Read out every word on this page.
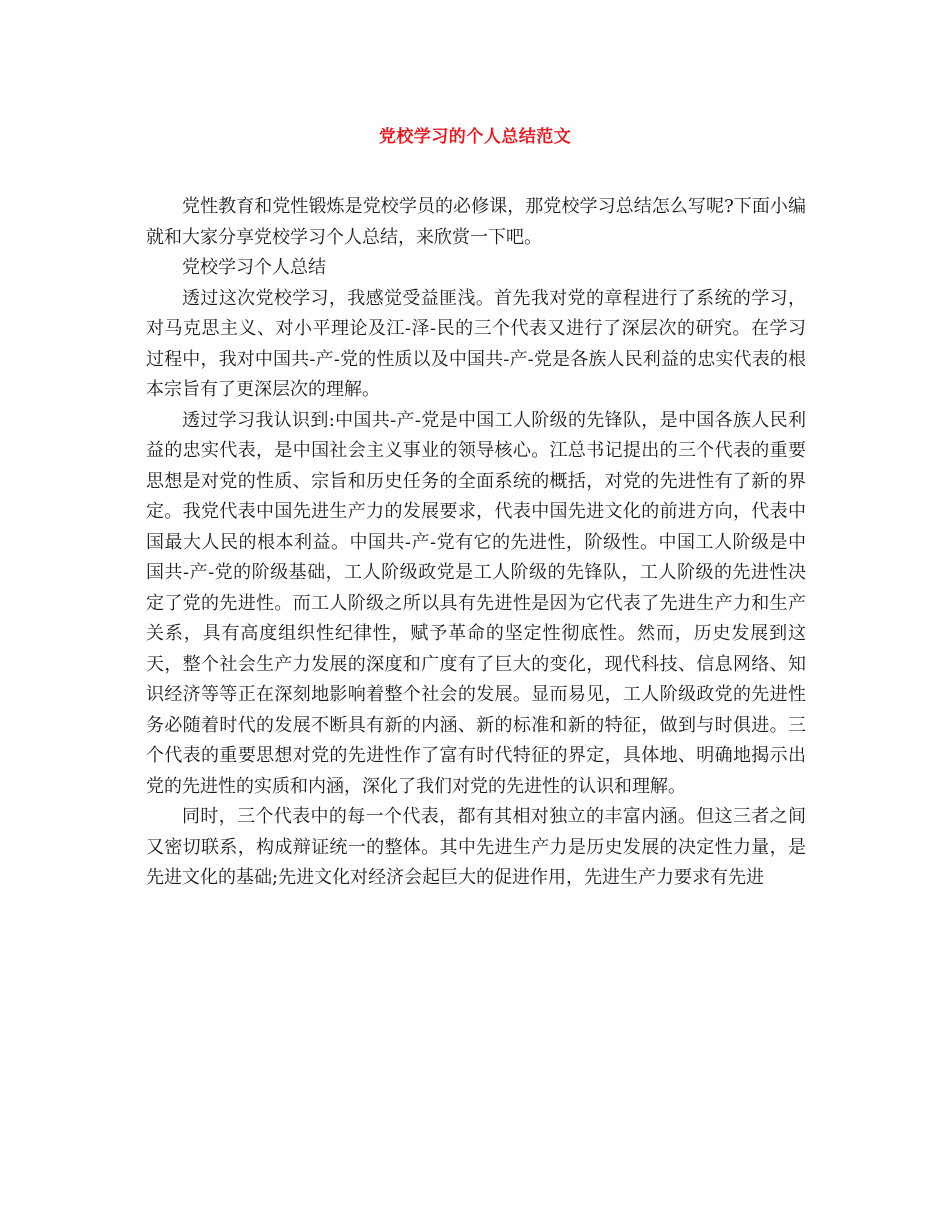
党校学习的个人总结范文

党性教育和党性锻炼是党校学员的必修课，那党校学习总结怎么写呢?下面小编就和大家分享党校学习个人总结，来欣赏一下吧。

党校学习个人总结

透过这次党校学习，我感觉受益匪浅。首先我对党的章程进行了系统的学习，对马克思主义、对小平理论及江-泽-民的三个代表又进行了深层次的研究。在学习过程中，我对中国共-产-党的性质以及中国共-产-党是各族人民利益的忠实代表的根本宗旨有了更深层次的理解。

透过学习我认识到:中国共-产-党是中国工人阶级的先锋队，是中国各族人民利益的忠实代表，是中国社会主义事业的领导核心。江总书记提出的三个代表的重要思想是对党的性质、宗旨和历史任务的全面系统的概括，对党的先进性有了新的界定。我党代表中国先进生产力的发展要求，代表中国先进文化的前进方向，代表中国最大人民的根本利益。中国共-产-党有它的先进性，阶级性。中国工人阶级是中国共-产-党的阶级基础，工人阶级政党是工人阶级的先锋队，工人阶级的先进性决定了党的先进性。而工人阶级之所以具有先进性是因为它代表了先进生产力和生产关系，具有高度组织性纪律性，赋予革命的坚定性彻底性。然而，历史发展到这天，整个社会生产力发展的深度和广度有了巨大的变化，现代科技、信息网络、知识经济等等正在深刻地影响着整个社会的发展。显而易见，工人阶级政党的先进性务必随着时代的发展不断具有新的内涵、新的标准和新的特征，做到与时俱进。三个代表的重要思想对党的先进性作了富有时代特征的界定，具体地、明确地揭示出党的先进性的实质和内涵，深化了我们对党的先进性的认识和理解。

同时，三个代表中的每一个代表，都有其相对独立的丰富内涵。但这三者之间又密切联系，构成辩证统一的整体。其中先进生产力是历史发展的决定性力量，是先进文化的基础;先进文化对经济会起巨大的促进作用，先进生产力要求有先进
